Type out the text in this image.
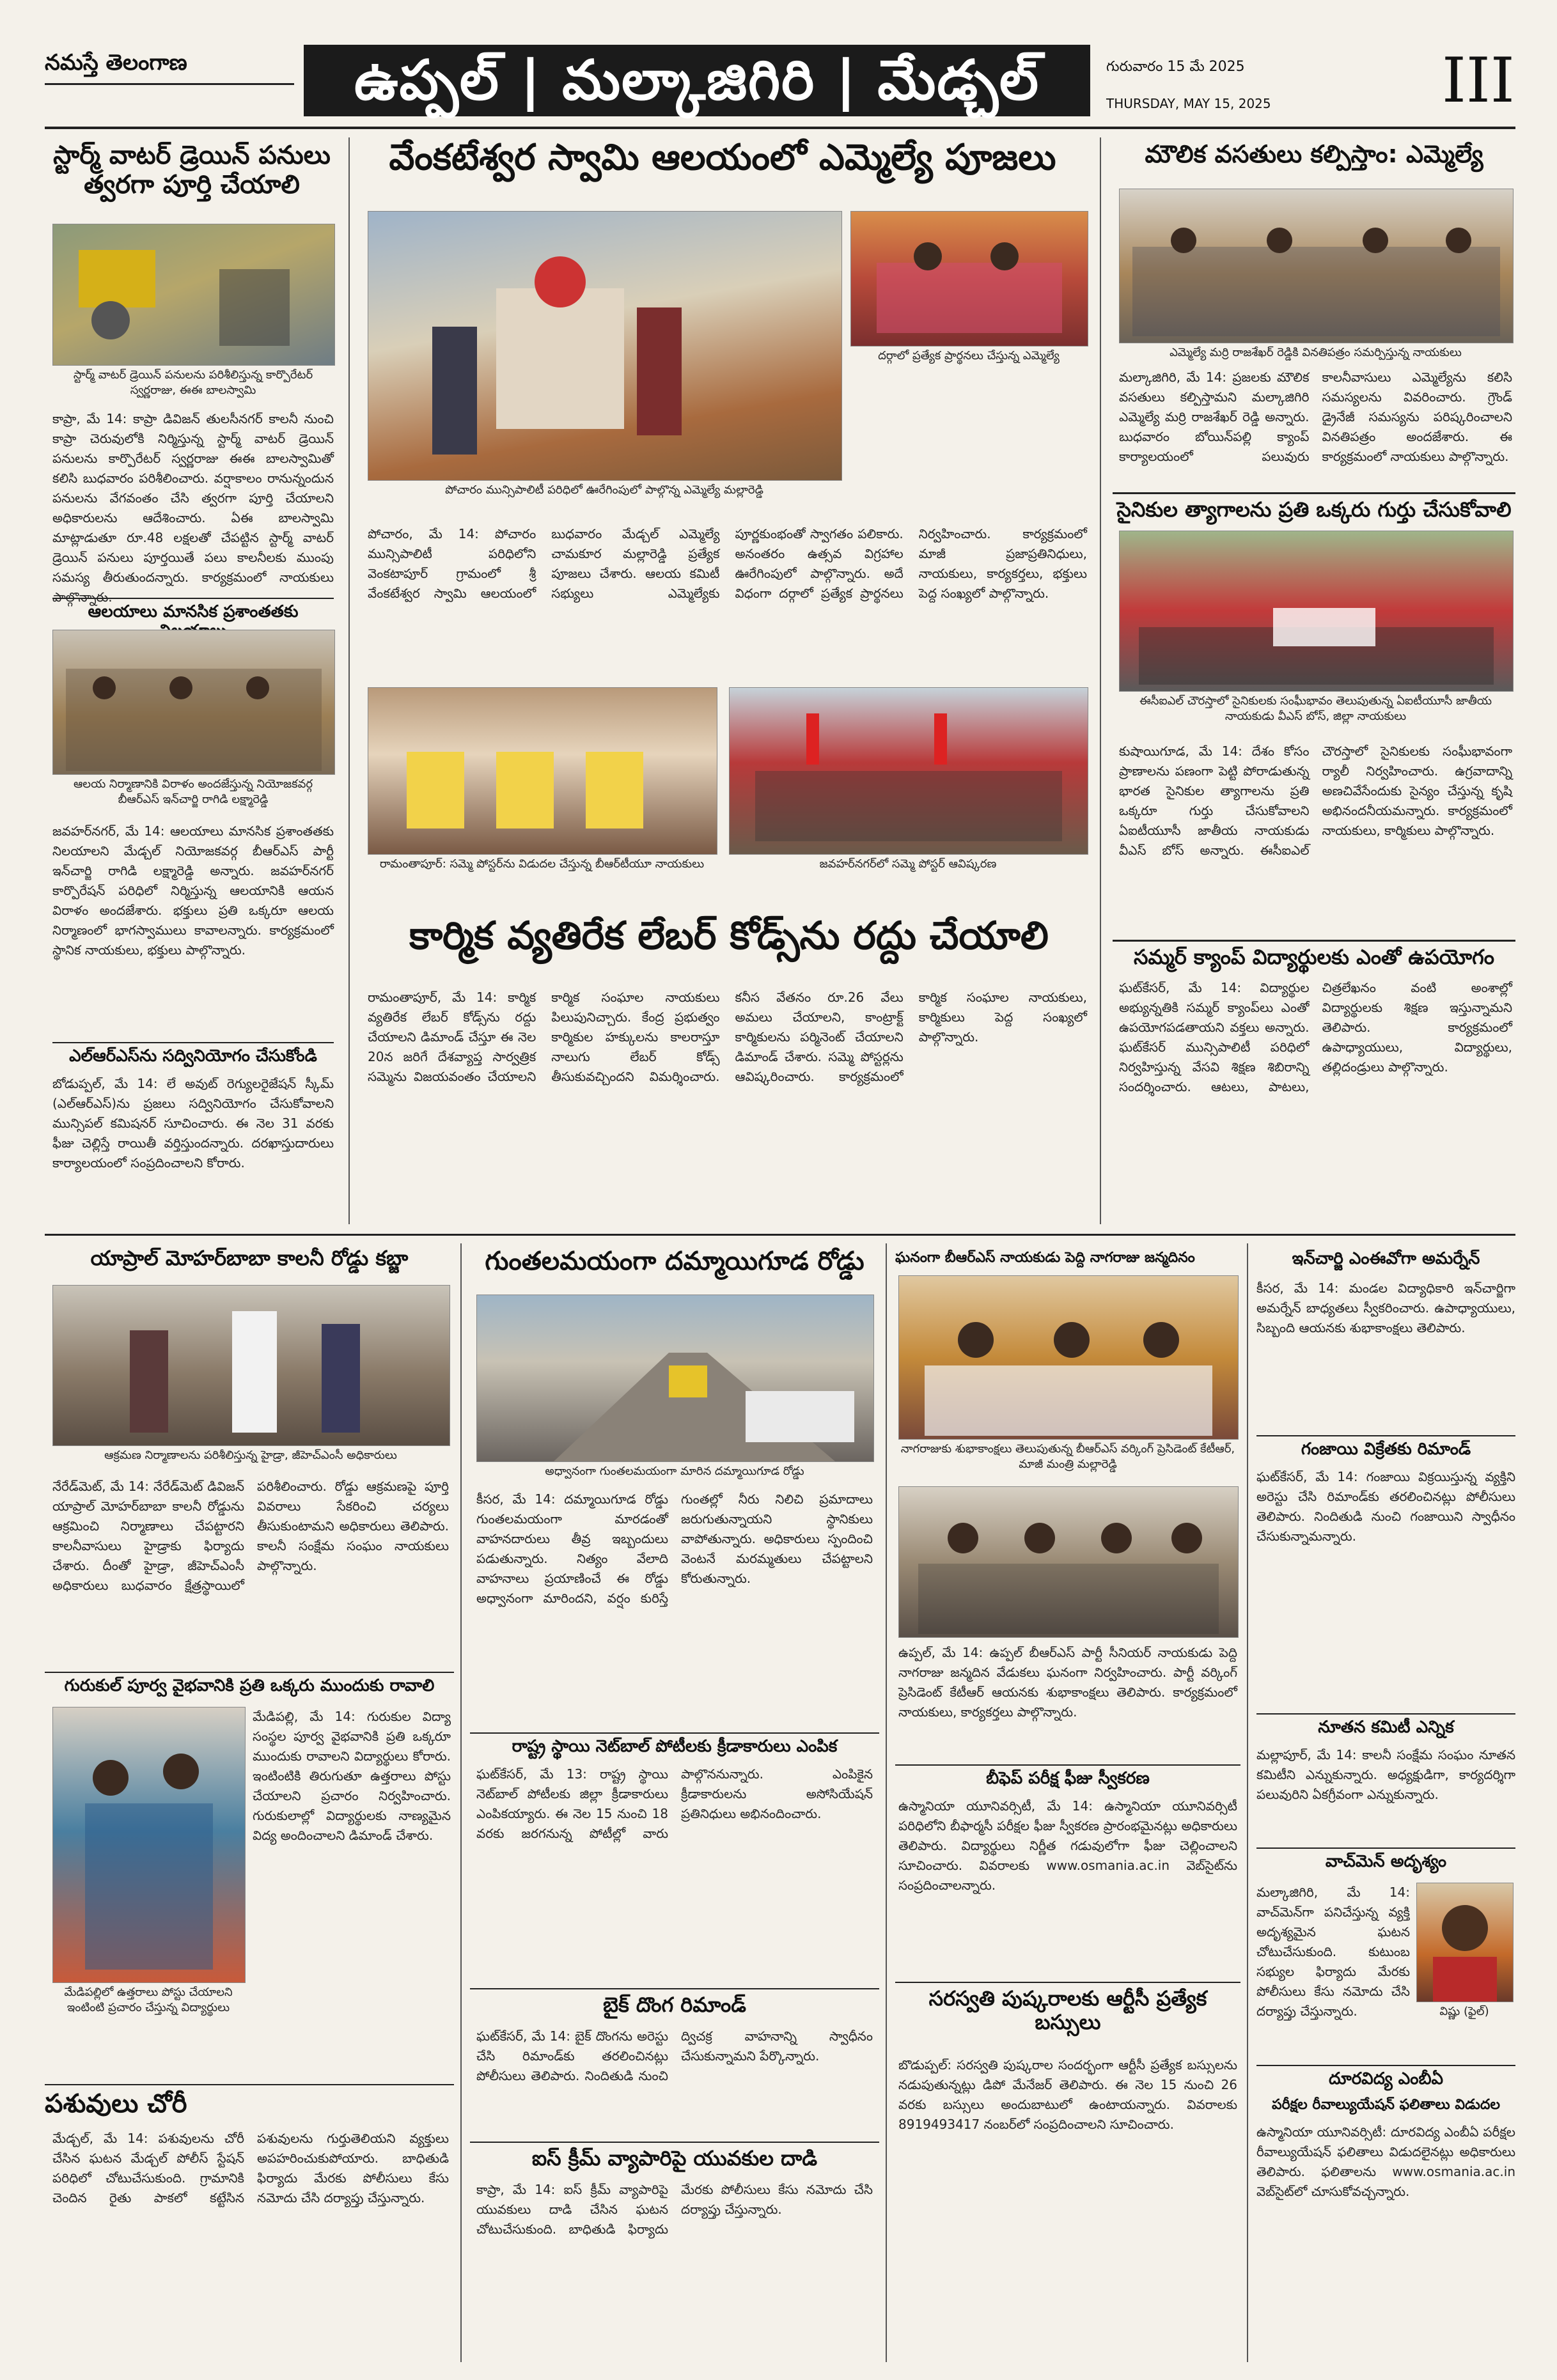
నమస్తే తెలంగాణ	ఉప్పల్ | మల్కాజిగిరి | మేడ్చల్	గురువారం 15 మే 2025
THURSDAY, MAY 15, 2025	III
స్టార్మ్ వాటర్ డ్రెయిన్ పనులు త్వరగా పూర్తి చేయాలి
స్టార్మ్ వాటర్ డ్రెయిన్ పనులను పరిశీలిస్తున్న కార్పొరేటర్ స్వర్ణరాజు, ఈఈ బాలస్వామి
కాప్రా, మే 14: కాప్రా డివిజన్ తులసీనగర్ కాలనీ నుంచి కాప్రా చెరువులోకి నిర్మిస్తున్న స్టార్మ్ వాటర్ డ్రెయిన్ పనులను కార్పొరేటర్ స్వర్ణరాజు ఈఈ బాలస్వామితో కలిసి బుధవారం పరిశీలించారు. వర్షాకాలం రానున్నందున పనులను వేగవంతం చేసి త్వరగా పూర్తి చేయాలని అధికారులను ఆదేశించారు. ఏఈ బాలస్వామి మాట్లాడుతూ రూ.48 లక్షలతో చేపట్టిన స్టార్మ్ వాటర్ డ్రెయిన్ పనులు పూర్తయితే పలు కాలనీలకు ముంపు సమస్య తీరుతుందన్నారు. కార్యక్రమంలో నాయకులు పాల్గొన్నారు.
ఆలయాలు మానసిక ప్రశాంతతకు
ఆలయ నిర్మాణానికి విరాళం అందజేస్తున్న నియోజకవర్గ బీఆర్‌ఎస్ ఇన్‌చార్జి రాగిడి లక్ష్మారెడ్డి
జవహర్‌నగర్, మే 14: ఆలయాలు మానసిక ప్రశాంతతకు నిలయాలని మేడ్చల్ నియోజకవర్గ బీఆర్‌ఎస్ పార్టీ ఇన్‌చార్జి రాగిడి లక్ష్మారెడ్డి అన్నారు. జవహర్‌నగర్ కార్పొరేషన్ పరిధిలో నిర్మిస్తున్న ఆలయానికి ఆయన విరాళం అందజేశారు. భక్తులు ప్రతి ఒక్కరూ ఆలయ నిర్మాణంలో భాగస్వాములు కావాలన్నారు. కార్యక్రమంలో స్థానిక నాయకులు, భక్తులు పాల్గొన్నారు.
ఎల్‌ఆర్‌ఎస్‌ను సద్వినియోగం చేసుకోండి
బోడుప్పల్, మే 14: లే అవుట్ రెగ్యులరైజేషన్ స్కీమ్ (ఎల్‌ఆర్‌ఎస్)ను ప్రజలు సద్వినియోగం చేసుకోవాలని మున్సిపల్ కమిషనర్ సూచించారు. ఈ నెల 31 వరకు ఫీజు చెల్లిస్తే రాయితీ వర్తిస్తుందన్నారు. దరఖాస్తుదారులు కార్యాలయంలో సంప్రదించాలని కోరారు.
వేంకటేశ్వర స్వామి ఆలయంలో ఎమ్మెల్యే పూజలు
పోచారం మున్సిపాలిటీ పరిధిలో ఊరేగింపులో పాల్గొన్న ఎమ్మెల్యే మల్లారెడ్డి
దర్గాలో ప్రత్యేక ప్రార్థనలు చేస్తున్న ఎమ్మెల్యే
పోచారం, మే 14: పోచారం మున్సిపాలిటీ పరిధిలోని వెంకటాపూర్ గ్రామంలో శ్రీ వేంకటేశ్వర స్వామి ఆలయంలో బుధవారం మేడ్చల్ ఎమ్మెల్యే చామకూర మల్లారెడ్డి ప్రత్యేక పూజలు చేశారు. ఆలయ కమిటీ సభ్యులు ఎమ్మెల్యేకు పూర్ణకుంభంతో స్వాగతం పలికారు. అనంతరం ఉత్సవ విగ్రహాల ఊరేగింపులో పాల్గొన్నారు. అదే విధంగా దర్గాలో ప్రత్యేక ప్రార్థనలు నిర్వహించారు. కార్యక్రమంలో మాజీ ప్రజాప్రతినిధులు, నాయకులు, కార్యకర్తలు, భక్తులు పెద్ద సంఖ్యలో పాల్గొన్నారు.
రామంతాపూర్: సమ్మె పోస్టర్‌ను విడుదల చేస్తున్న బీఆర్‌టీయూ నాయకులు	జవహర్‌నగర్‌లో సమ్మె పోస్టర్ ఆవిష్కరణ
కార్మిక వ్యతిరేక లేబర్ కోడ్స్‌ను రద్దు చేయాలి
రామంతాపూర్, మే 14: కార్మిక వ్యతిరేక లేబర్ కోడ్స్‌ను రద్దు చేయాలని డిమాండ్ చేస్తూ ఈ నెల 20న జరిగే దేశవ్యాప్త సార్వత్రిక సమ్మెను విజయవంతం చేయాలని కార్మిక సంఘాల నాయకులు పిలుపునిచ్చారు. కేంద్ర ప్రభుత్వం కార్మికుల హక్కులను కాలరాస్తూ నాలుగు లేబర్ కోడ్స్ తీసుకువచ్చిందని విమర్శించారు. కనీస వేతనం రూ.26 వేలు అమలు చేయాలని, కాంట్రాక్ట్ కార్మికులను పర్మినెంట్ చేయాలని డిమాండ్ చేశారు. సమ్మె పోస్టర్లను ఆవిష్కరించారు. కార్యక్రమంలో కార్మిక సంఘాల నాయకులు, కార్మికులు పెద్ద సంఖ్యలో పాల్గొన్నారు.
మౌలిక వసతులు కల్పిస్తాం: ఎమ్మెల్యే
ఎమ్మెల్యే మర్రి రాజశేఖర్ రెడ్డికి వినతిపత్రం సమర్పిస్తున్న నాయకులు
మల్కాజిగిరి, మే 14: ప్రజలకు మౌలిక వసతులు కల్పిస్తామని మల్కాజిగిరి ఎమ్మెల్యే మర్రి రాజశేఖర్ రెడ్డి అన్నారు. బుధవారం బోయిన్‌పల్లి క్యాంప్ కార్యాలయంలో పలువురు కాలనీవాసులు ఎమ్మెల్యేను కలిసి సమస్యలను వివరించారు. గ్రౌండ్ డ్రైనేజీ సమస్యను పరిష్కరించాలని వినతిపత్రం అందజేశారు. ఈ కార్యక్రమంలో నాయకులు పాల్గొన్నారు.
సైనికుల త్యాగాలను ప్రతి ఒక్కరు గుర్తు చేసుకోవాలి
ఈసీఐఎల్ చౌరస్తాలో సైనికులకు సంఘీభావం తెలుపుతున్న ఏఐటీయూసీ జాతీయ నాయకుడు వీఎస్ బోస్, జిల్లా నాయకులు
కుషాయిగూడ, మే 14: దేశం కోసం ప్రాణాలను పణంగా పెట్టి పోరాడుతున్న భారత సైనికుల త్యాగాలను ప్రతి ఒక్కరూ గుర్తు చేసుకోవాలని ఏఐటీయూసీ జాతీయ నాయకుడు వీఎస్ బోస్ అన్నారు. ఈసీఐఎల్ చౌరస్తాలో సైనికులకు సంఘీభావంగా ర్యాలీ నిర్వహించారు. ఉగ్రవాదాన్ని అణచివేసేందుకు సైన్యం చేస్తున్న కృషి అభినందనీయమన్నారు. కార్యక్రమంలో నాయకులు, కార్మికులు పాల్గొన్నారు.
సమ్మర్ క్యాంప్ విద్యార్థులకు ఎంతో ఉపయోగం
ఘట్‌కేసర్, మే 14: విద్యార్థుల అభ్యున్నతికి సమ్మర్ క్యాంప్‌లు ఎంతో ఉపయోగపడతాయని వక్తలు అన్నారు. ఘట్‌కేసర్ మున్సిపాలిటీ పరిధిలో నిర్వహిస్తున్న వేసవి శిక్షణ శిబిరాన్ని సందర్శించారు. ఆటలు, పాటలు, చిత్రలేఖనం వంటి అంశాల్లో విద్యార్థులకు శిక్షణ ఇస్తున్నామని తెలిపారు. కార్యక్రమంలో ఉపాధ్యాయులు, విద్యార్థులు, తల్లిదండ్రులు పాల్గొన్నారు.
యాప్రాల్ మోహర్‌బాబా కాలనీ రోడ్డు కబ్జా
ఆక్రమణ నిర్మాణాలను పరిశీలిస్తున్న హైడ్రా, జీహెచ్‌ఎంసీ అధికారులు
నేరేడ్‌మెట్, మే 14: నేరేడ్‌మెట్ డివిజన్ యాప్రాల్ మోహర్‌బాబా కాలనీ రోడ్డును ఆక్రమించి నిర్మాణాలు చేపట్టారని కాలనీవాసులు హైడ్రాకు ఫిర్యాదు చేశారు. దీంతో హైడ్రా, జీహెచ్‌ఎంసీ అధికారులు బుధవారం క్షేత్రస్థాయిలో పరిశీలించారు. రోడ్డు ఆక్రమణపై పూర్తి వివరాలు సేకరించి చర్యలు తీసుకుంటామని అధికారులు తెలిపారు. కాలనీ సంక్షేమ సంఘం నాయకులు పాల్గొన్నారు.
గురుకుల్ పూర్వ వైభవానికి ప్రతి ఒక్కరు ముందుకు రావాలి
మేడిపల్లిలో ఉత్తరాలు పోస్టు చేయాలని ఇంటింటి ప్రచారం చేస్తున్న విద్యార్థులు
మేడిపల్లి, మే 14: గురుకుల విద్యా సంస్థల పూర్వ వైభవానికి ప్రతి ఒక్కరూ ముందుకు రావాలని విద్యార్థులు కోరారు. ఇంటింటికి తిరుగుతూ ఉత్తరాలు పోస్టు చేయాలని ప్రచారం నిర్వహించారు. గురుకులాల్లో విద్యార్థులకు నాణ్యమైన విద్య అందించాలని డిమాండ్ చేశారు.
పశువులు చోరీ
మేడ్చల్, మే 14: పశువులను చోరీ చేసిన ఘటన మేడ్చల్ పోలీస్ స్టేషన్ పరిధిలో చోటుచేసుకుంది. గ్రామానికి చెందిన రైతు పాకలో కట్టేసిన పశువులను గుర్తుతెలియని వ్యక్తులు అపహరించుకుపోయారు. బాధితుడి ఫిర్యాదు మేరకు పోలీసులు కేసు నమోదు చేసి దర్యాప్తు చేస్తున్నారు.
గుంతలమయంగా దమ్మాయిగూడ రోడ్డు
అధ్వానంగా గుంతలమయంగా మారిన దమ్మాయిగూడ రోడ్డు
కీసర, మే 14: దమ్మాయిగూడ రోడ్డు గుంతలమయంగా మారడంతో వాహనదారులు తీవ్ర ఇబ్బందులు పడుతున్నారు. నిత్యం వేలాది వాహనాలు ప్రయాణించే ఈ రోడ్డు అధ్వానంగా మారిందని, వర్షం కురిస్తే గుంతల్లో నీరు నిలిచి ప్రమాదాలు జరుగుతున్నాయని స్థానికులు వాపోతున్నారు. అధికారులు స్పందించి వెంటనే మరమ్మతులు చేపట్టాలని కోరుతున్నారు.
రాష్ట్ర స్థాయి నెట్‌బాల్ పోటీలకు క్రీడాకారులు ఎంపిక
ఘట్‌కేసర్, మే 13: రాష్ట్ర స్థాయి నెట్‌బాల్ పోటీలకు జిల్లా క్రీడాకారులు ఎంపికయ్యారు. ఈ నెల 15 నుంచి 18 వరకు జరగనున్న పోటీల్లో వారు పాల్గొననున్నారు. ఎంపికైన క్రీడాకారులను అసోసియేషన్ ప్రతినిధులు అభినందించారు.
బైక్ దొంగ రిమాండ్
ఘట్‌కేసర్, మే 14: బైక్ దొంగను అరెస్టు చేసి రిమాండ్‌కు తరలించినట్లు పోలీసులు తెలిపారు. నిందితుడి నుంచి ద్విచక్ర వాహనాన్ని స్వాధీనం చేసుకున్నామని పేర్కొన్నారు.
ఐస్ క్రీమ్ వ్యాపారిపై యువకుల దాడి
కాప్రా, మే 14: ఐస్ క్రీమ్ వ్యాపారిపై యువకులు దాడి చేసిన ఘటన చోటుచేసుకుంది. బాధితుడి ఫిర్యాదు మేరకు పోలీసులు కేసు నమోదు చేసి దర్యాప్తు చేస్తున్నారు.
ఘనంగా బీఆర్‌ఎస్ నాయకుడు పెద్ది నాగరాజు జన్మదినం
నాగరాజుకు శుభాకాంక్షలు తెలుపుతున్న బీఆర్‌ఎస్ వర్కింగ్ ప్రెసిడెంట్ కేటీఆర్, మాజీ మంత్రి మల్లారెడ్డి
ఉప్పల్, మే 14: ఉప్పల్ బీఆర్‌ఎస్ పార్టీ సీనియర్ నాయకుడు పెద్ది నాగరాజు జన్మదిన వేడుకలు ఘనంగా నిర్వహించారు. పార్టీ వర్కింగ్ ప్రెసిడెంట్ కేటీఆర్ ఆయనకు శుభాకాంక్షలు తెలిపారు. కార్యక్రమంలో నాయకులు, కార్యకర్తలు పాల్గొన్నారు.
బీఫెప్ పరీక్ష ఫీజు స్వీకరణ
ఉస్మానియా యూనివర్సిటీ, మే 14: ఉస్మానియా యూనివర్సిటీ పరిధిలోని బీఫార్మసీ పరీక్షల ఫీజు స్వీకరణ ప్రారంభమైనట్లు అధికారులు తెలిపారు. విద్యార్థులు నిర్ణీత గడువులోగా ఫీజు చెల్లించాలని సూచించారు. వివరాలకు www.osmania.ac.in వెబ్‌సైట్‌ను సంప్రదించాలన్నారు.
సరస్వతి పుష్కరాలకు ఆర్టీసీ ప్రత్యేక బస్సులు
బొడుప్పల్: సరస్వతి పుష్కరాల సందర్భంగా ఆర్టీసీ ప్రత్యేక బస్సులను నడుపుతున్నట్లు డిపో మేనేజర్ తెలిపారు. ఈ నెల 15 నుంచి 26 వరకు బస్సులు అందుబాటులో ఉంటాయన్నారు. వివరాలకు 8919493417 నంబర్‌లో సంప్రదించాలని సూచించారు.
ఇన్‌చార్జి ఎంఈవోగా అమర్నేన్
కీసర, మే 14: మండల విద్యాధికారి ఇన్‌చార్జిగా అమర్నేన్ బాధ్యతలు స్వీకరించారు. ఉపాధ్యాయులు, సిబ్బంది ఆయనకు శుభాకాంక్షలు తెలిపారు.
గంజాయి విక్రేతకు రిమాండ్
ఘట్‌కేసర్, మే 14: గంజాయి విక్రయిస్తున్న వ్యక్తిని అరెస్టు చేసి రిమాండ్‌కు తరలించినట్లు పోలీసులు తెలిపారు. నిందితుడి నుంచి గంజాయిని స్వాధీనం చేసుకున్నామన్నారు.
నూతన కమిటీ ఎన్నిక
మల్లాపూర్, మే 14: కాలనీ సంక్షేమ సంఘం నూతన కమిటీని ఎన్నుకున్నారు. అధ్యక్షుడిగా, కార్యదర్శిగా పలువురిని ఏకగ్రీవంగా ఎన్నుకున్నారు.
వాచ్‌మెన్ అదృశ్యం
మల్కాజిగిరి, మే 14: వాచ్‌మెన్‌గా పనిచేస్తున్న వ్యక్తి అదృశ్యమైన ఘటన చోటుచేసుకుంది. కుటుంబ సభ్యుల ఫిర్యాదు మేరకు పోలీసులు కేసు నమోదు చేసి దర్యాప్తు చేస్తున్నారు.	విష్ణు (ఫైల్)
దూరవిద్య ఎంబీఏ
పరీక్షల రీవాల్యుయేషన్ ఫలితాలు విడుదల
ఉస్మానియా యూనివర్సిటీ: దూరవిద్య ఎంబీఏ పరీక్షల రీవాల్యుయేషన్ ఫలితాలు విడుదలైనట్లు అధికారులు తెలిపారు. ఫలితాలను www.osmania.ac.in వెబ్‌సైట్‌లో చూసుకోవచ్చన్నారు.
